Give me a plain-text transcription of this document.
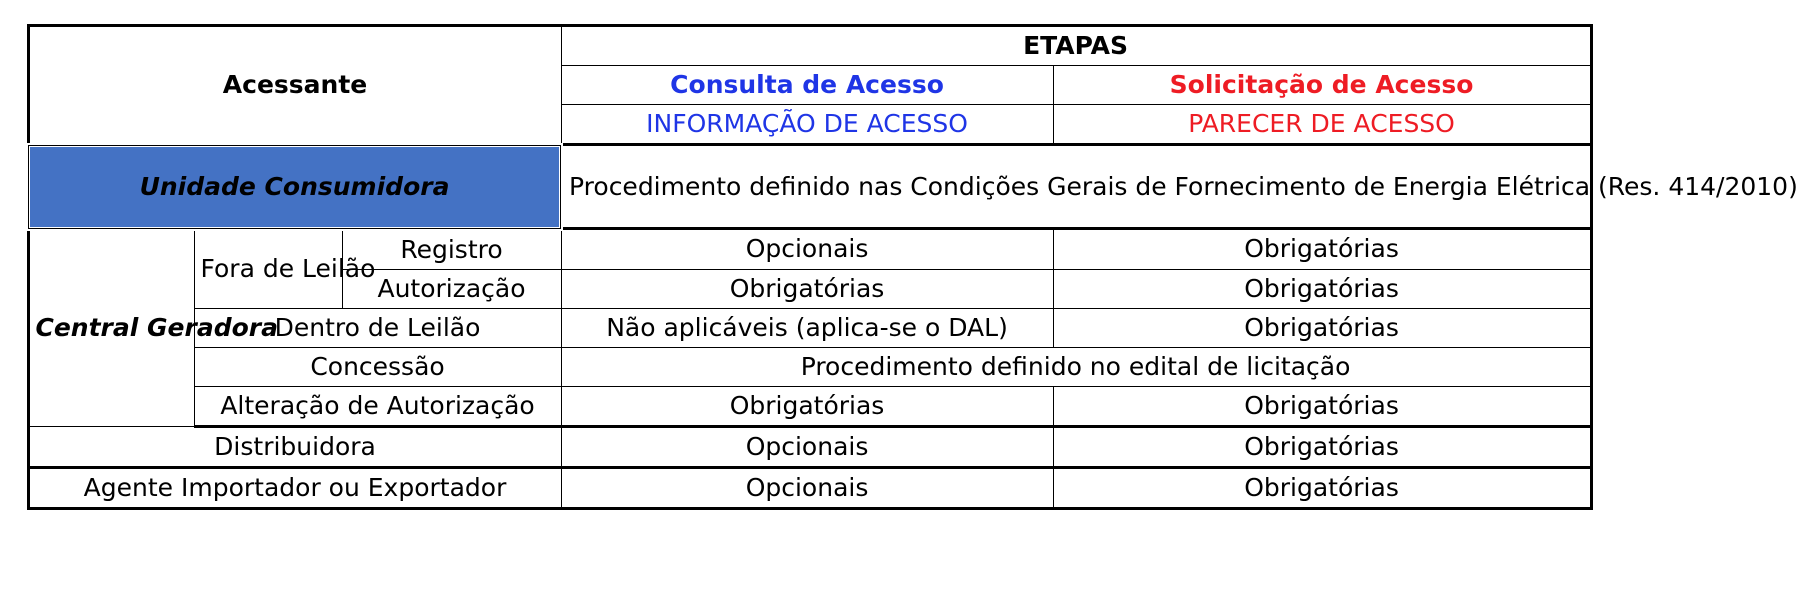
Acessante			ETAPAS	
			Consulta de Acesso	Solicitação de Acesso
			INFORMAÇÃO DE ACESSO	PARECER DE ACESSO
Unidade Consumidora			Procedimento definido nas Condições Gerais de Fornecimento de Energia Elétrica (Res. 414/2010)	
Central Geradora	Fora de Leilão	Registro	Opcionais	Obrigatórias
		Autorização	Obrigatórias	Obrigatórias
	Dentro de Leilão		Não aplicáveis (aplica-se o DAL)	Obrigatórias
	Concessão		Procedimento definido no edital de licitação	
	Alteração de Autorização		Obrigatórias	Obrigatórias
Distribuidora			Opcionais	Obrigatórias
Agente Importador ou Exportador			Opcionais	Obrigatórias
